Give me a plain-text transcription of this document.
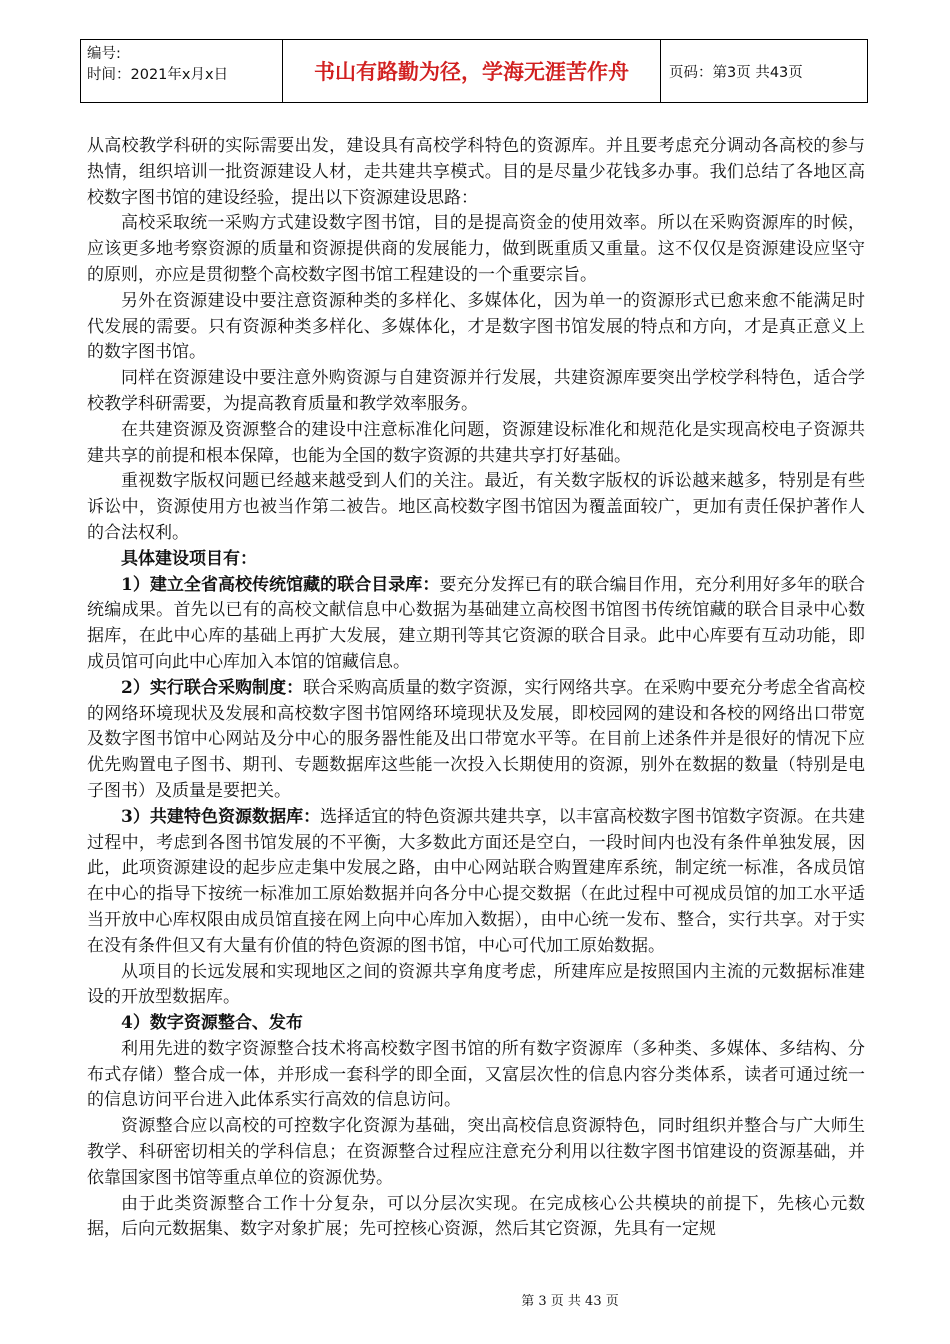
编号:
时间：2021年x月x日	书山有路勤为径，学海无涯苦作舟	页码：第3页 共43页

从高校教学科研的实际需要出发，建设具有高校学科特色的资源库。并且要考虑充分调动各高校的参与热情，组织培训一批资源建设人材，走共建共享模式。目的是尽量少花钱多办事。我们总结了各地区高校数字图书馆的建设经验，提出以下资源建设思路：

高校采取统一采购方式建设数字图书馆，目的是提高资金的使用效率。所以在采购资源库的时候，应该更多地考察资源的质量和资源提供商的发展能力，做到既重质又重量。这不仅仅是资源建设应坚守的原则，亦应是贯彻整个高校数字图书馆工程建设的一个重要宗旨。

另外在资源建设中要注意资源种类的多样化、多媒体化，因为单一的资源形式已愈来愈不能满足时代发展的需要。只有资源种类多样化、多媒体化，才是数字图书馆发展的特点和方向，才是真正意义上的数字图书馆。

同样在资源建设中要注意外购资源与自建资源并行发展，共建资源库要突出学校学科特色，适合学校教学科研需要，为提高教育质量和教学效率服务。

在共建资源及资源整合的建设中注意标准化问题，资源建设标准化和规范化是实现高校电子资源共建共享的前提和根本保障，也能为全国的数字资源的共建共享打好基础。

重视数字版权问题已经越来越受到人们的关注。最近，有关数字版权的诉讼越来越多，特别是有些诉讼中，资源使用方也被当作第二被告。地区高校数字图书馆因为覆盖面较广，更加有责任保护著作人的合法权利。

具体建设项目有：

1）建立全省高校传统馆藏的联合目录库：要充分发挥已有的联合编目作用，充分利用好多年的联合统编成果。首先以已有的高校文献信息中心数据为基础建立高校图书馆图书传统馆藏的联合目录中心数据库，在此中心库的基础上再扩大发展，建立期刊等其它资源的联合目录。此中心库要有互动功能，即成员馆可向此中心库加入本馆的馆藏信息。

2）实行联合采购制度：联合采购高质量的数字资源，实行网络共享。在采购中要充分考虑全省高校的网络环境现状及发展和高校数字图书馆网络环境现状及发展，即校园网的建设和各校的网络出口带宽及数字图书馆中心网站及分中心的服务器性能及出口带宽水平等。在目前上述条件并是很好的情况下应优先购置电子图书、期刊、专题数据库这些能一次投入长期使用的资源，别外在数据的数量（特别是电子图书）及质量是要把关。

3）共建特色资源数据库：选择适宜的特色资源共建共享，以丰富高校数字图书馆数字资源。在共建过程中，考虑到各图书馆发展的不平衡，大多数此方面还是空白，一段时间内也没有条件单独发展，因此，此项资源建设的起步应走集中发展之路，由中心网站联合购置建库系统，制定统一标准，各成员馆在中心的指导下按统一标准加工原始数据并向各分中心提交数据（在此过程中可视成员馆的加工水平适当开放中心库权限由成员馆直接在网上向中心库加入数据），由中心统一发布、整合，实行共享。对于实在没有条件但又有大量有价值的特色资源的图书馆，中心可代加工原始数据。

从项目的长远发展和实现地区之间的资源共享角度考虑，所建库应是按照国内主流的元数据标准建设的开放型数据库。

4）数字资源整合、发布

利用先进的数字资源整合技术将高校数字图书馆的所有数字资源库（多种类、多媒体、多结构、分布式存储）整合成一体，并形成一套科学的即全面，又富层次性的信息内容分类体系，读者可通过统一的信息访问平台进入此体系实行高效的信息访问。

资源整合应以高校的可控数字化资源为基础，突出高校信息资源特色，同时组织并整合与广大师生教学、科研密切相关的学科信息；在资源整合过程应注意充分利用以往数字图书馆建设的资源基础，并依靠国家图书馆等重点单位的资源优势。

由于此类资源整合工作十分复杂，可以分层次实现。在完成核心公共模块的前提下，先核心元数据，后向元数据集、数字对象扩展；先可控核心资源，然后其它资源，先具有一定规

第 3 页 共 43 页
